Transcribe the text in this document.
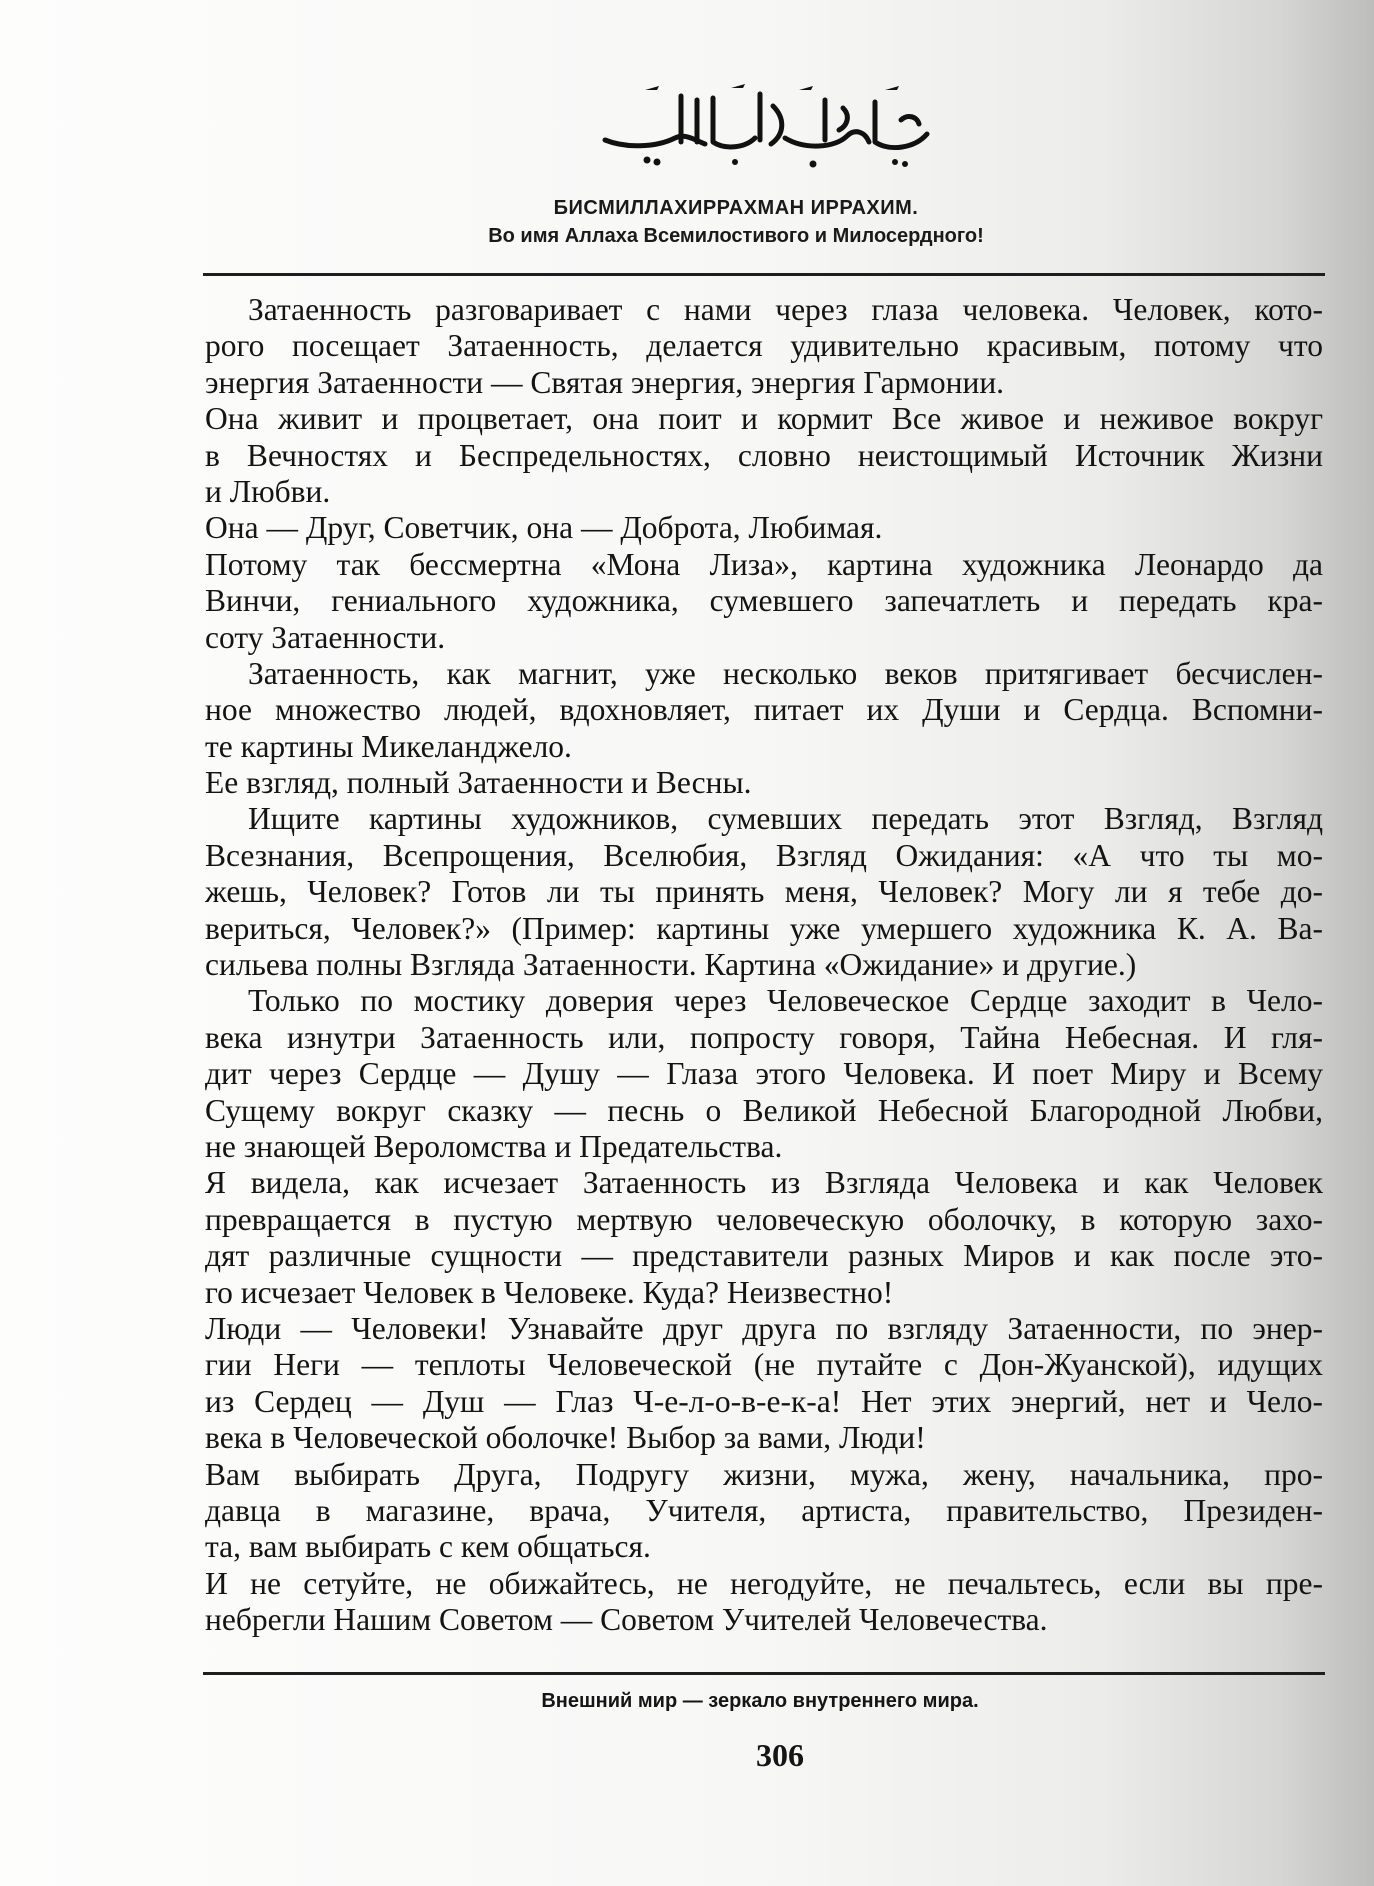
БИСМИЛЛАХИРРАХМАН ИРРАХИМ.
Во имя Аллаха Всемилостивого и Милосердного!
Затаенность разговаривает с нами через глаза человека. Человек, кото-
рого посещает Затаенность, делается удивительно красивым, потому что
энергия Затаенности — Святая энергия, энергия Гармонии.
Она живит и процветает, она поит и кормит Все живое и неживое вокруг
в Вечностях и Беспредельностях, словно неистощимый Источник Жизни
и Любви.
Она — Друг, Советчик, она — Доброта, Любимая.
Потому так бессмертна «Мона Лиза», картина художника Леонардо да
Винчи, гениального художника, сумевшего запечатлеть и передать кра-
соту Затаенности.
Затаенность, как магнит, уже несколько веков притягивает бесчислен-
ное множество людей, вдохновляет, питает их Души и Сердца. Вспомни-
те картины Микеланджело.
Ее взгляд, полный Затаенности и Весны.
Ищите картины художников, сумевших передать этот Взгляд, Взгляд
Всезнания, Всепрощения, Вселюбия, Взгляд Ожидания: «А что ты мо-
жешь, Человек? Готов ли ты принять меня, Человек? Могу ли я тебе до-
вериться, Человек?» (Пример: картины уже умершего художника К. А. Ва-
сильева полны Взгляда Затаенности. Картина «Ожидание» и другие.)
Только по мостику доверия через Человеческое Сердце заходит в Чело-
века изнутри Затаенность или, попросту говоря, Тайна Небесная. И гля-
дит через Сердце — Душу — Глаза этого Человека. И поет Миру и Всему
Сущему вокруг сказку — песнь о Великой Небесной Благородной Любви,
не знающей Вероломства и Предательства.
Я видела, как исчезает Затаенность из Взгляда Человека и как Человек
превращается в пустую мертвую человеческую оболочку, в которую захо-
дят различные сущности — представители разных Миров и как после это-
го исчезает Человек в Человеке. Куда? Неизвестно!
Люди — Человеки! Узнавайте друг друга по взгляду Затаенности, по энер-
гии Неги — теплоты Человеческой (не путайте с Дон-Жуанской), идущих
из Сердец — Душ — Глаз Ч-е-л-о-в-е-к-а! Нет этих энергий, нет и Чело-
века в Человеческой оболочке! Выбор за вами, Люди!
Вам выбирать Друга, Подругу жизни, мужа, жену, начальника, про-
давца в магазине, врача, Учителя, артиста, правительство, Президен-
та, вам выбирать с кем общаться.
И не сетуйте, не обижайтесь, не негодуйте, не печальтесь, если вы пре-
небрегли Нашим Советом — Советом Учителей Человечества.
Внешний мир — зеркало внутреннего мира.
306
